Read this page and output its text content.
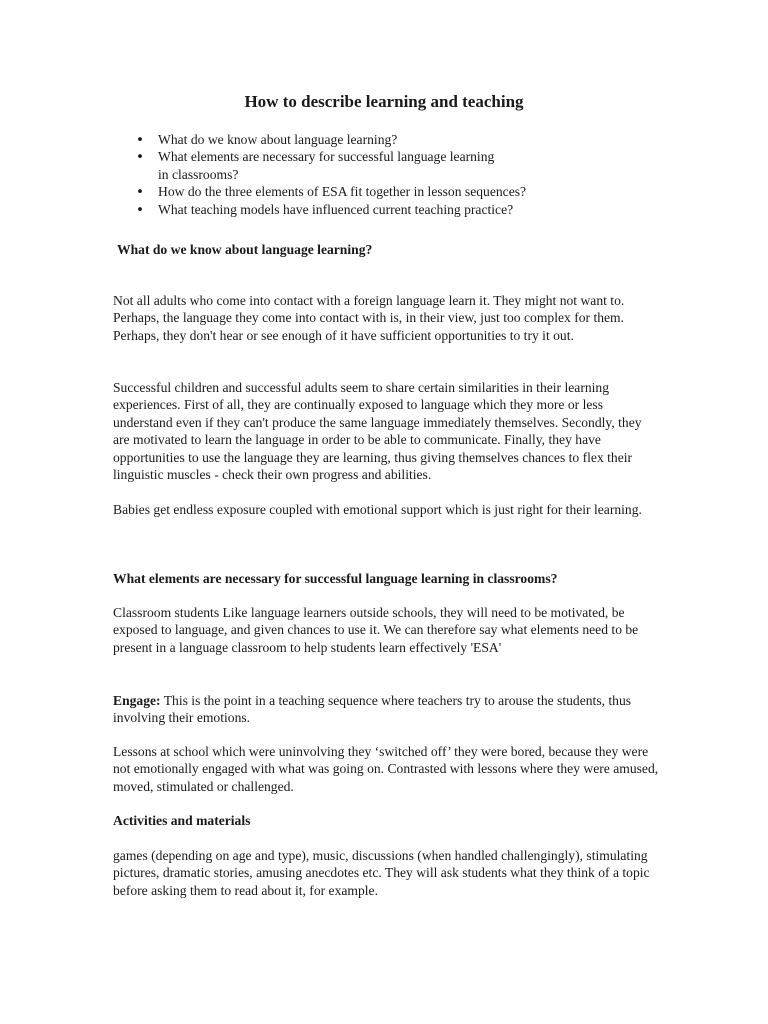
How to describe learning and teaching
•
What do we know about language learning?
•
What elements are necessary for successful language learning
in classrooms?
•
How do the three elements of ESA fit together in lesson sequences?
•
What teaching models have influenced current teaching practice?

What do we know about language learning?

Not all adults who come into contact with a foreign language learn it. They might not want to. Perhaps, the language they come into contact with is, in their view, just too complex for them. Perhaps, they don't hear or see enough of it have sufficient opportunities to try it out.

Successful children and successful adults seem to share certain similarities in their learning experiences. First of all, they are continually exposed to language which they more or less understand even if they can't produce the same language immediately themselves. Secondly, they are motivated to learn the language in order to be able to communicate. Finally, they have opportunities to use the language they are learning, thus giving themselves chances to flex their linguistic muscles - check their own progress and abilities.

Babies get endless exposure coupled with emotional support which is just right for their learning.

What elements are necessary for successful language learning in classrooms?

Classroom students Like language learners outside schools, they will need to be motivated, be exposed to language, and given chances to use it. We can therefore say what elements need to be present in a language classroom to help students learn effectively 'ESA'

Engage: This is the point in a teaching sequence where teachers try to arouse the students, thus involving their emotions.

Lessons at school which were uninvolving they ‘switched off’ they were bored, because they were not emotionally engaged with what was going on. Contrasted with lessons where they were amused, moved, stimulated or challenged.

Activities and materials

games (depending on age and type), music, discussions (when handled challengingly), stimulating pictures, dramatic stories, amusing anecdotes etc. They will ask students what they think of a topic before asking them to read about it, for example.
